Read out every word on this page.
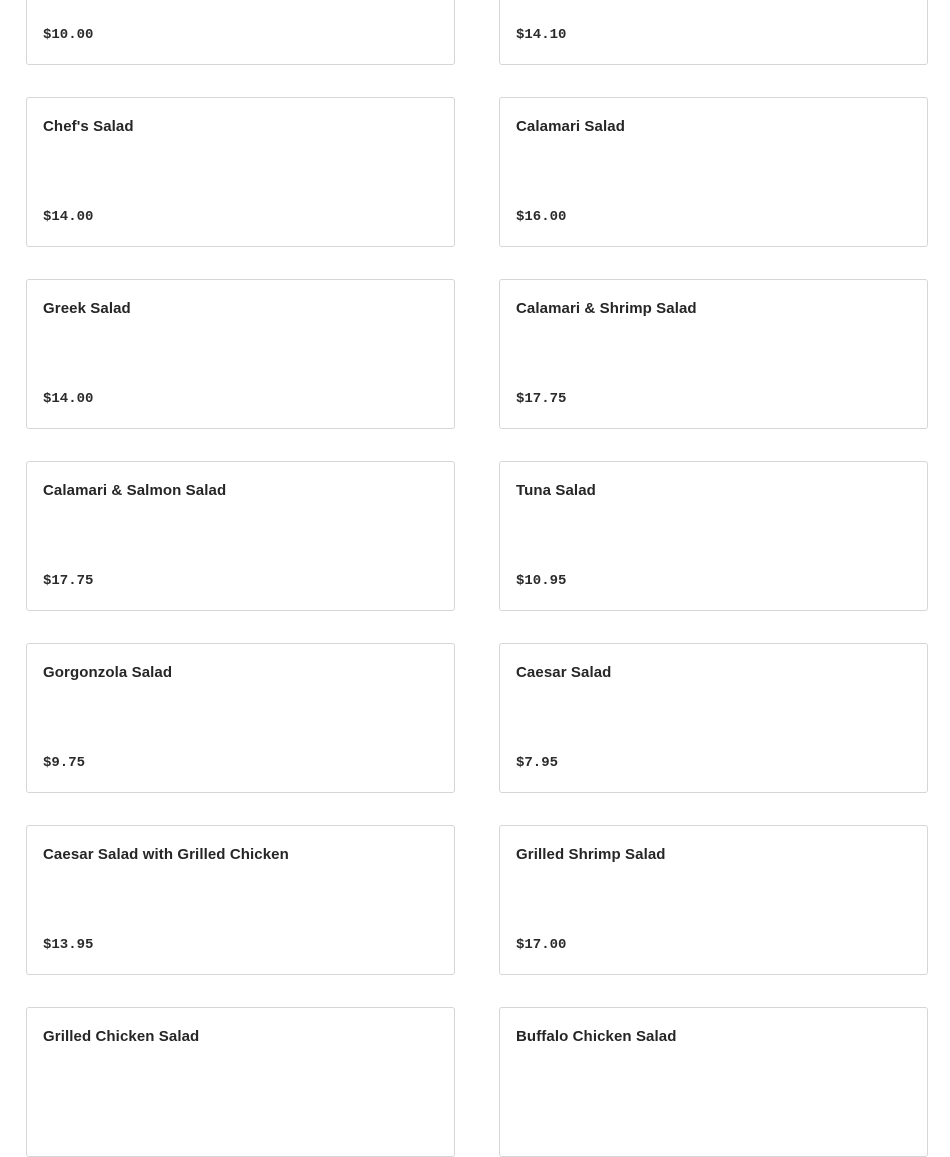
$10.00	$14.10
Chef's Salad
$14.00
Calamari Salad
$16.00
Greek Salad
$14.00
Calamari & Shrimp Salad
$17.75
Calamari & Salmon Salad
$17.75
Tuna Salad
$10.95
Gorgonzola Salad
$9.75
Caesar Salad
$7.95
Caesar Salad with Grilled Chicken
$13.95
Grilled Shrimp Salad
$17.00
Grilled Chicken Salad	Buffalo Chicken Salad
